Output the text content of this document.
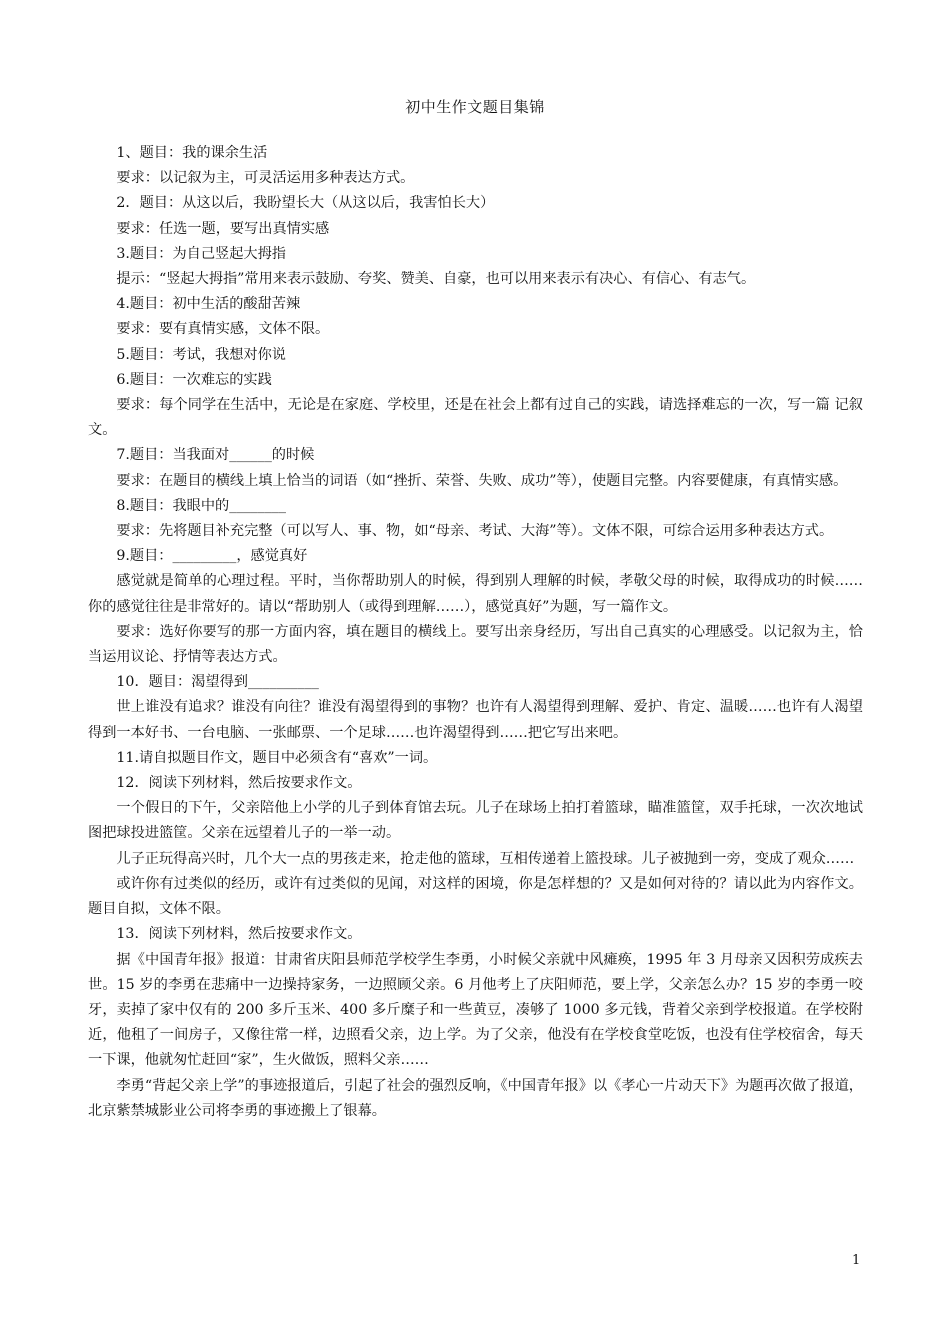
初中生作文题目集锦

1、题目：我的课余生活

要求：以记叙为主，可灵活运用多种表达方式。

2．题目：从这以后，我盼望长大（从这以后，我害怕长大）

要求：任选一题，要写出真情实感

3.题目：为自己竖起大拇指

提示：“竖起大拇指”常用来表示鼓励、夸奖、赞美、自豪，也可以用来表示有决心、有信心、有志气。

4.题目：初中生活的酸甜苦辣

要求：要有真情实感，文体不限。

5.题目：考试，我想对你说

6.题目：一次难忘的实践

要求：每个同学在生活中，无论是在家庭、学校里，还是在社会上都有过自己的实践，请选择难忘的一次，写一篇 记叙文。

7.题目：当我面对______的时候

要求：在题目的横线上填上恰当的词语（如“挫折、荣誉、失败、成功”等），使题目完整。内容要健康，有真情实感。

8.题目：我眼中的________

要求：先将题目补充完整（可以写人、事、物，如“母亲、考试、大海”等）。文体不限，可综合运用多种表达方式。

9.题目：_________，感觉真好

感觉就是简单的心理过程。平时，当你帮助别人的时候，得到别人理解的时候，孝敬父母的时候，取得成功的时候……你的感觉往往是非常好的。请以“帮助别人（或得到理解……），感觉真好”为题，写一篇作文。

要求：选好你要写的那一方面内容，填在题目的横线上。要写出亲身经历，写出自己真实的心理感受。以记叙为主，恰当运用议论、抒情等表达方式。

10．题目：渴望得到__________

世上谁没有追求？谁没有向往？谁没有渴望得到的事物？也许有人渴望得到理解、爱护、肯定、温暖……也许有人渴望得到一本好书、一台电脑、一张邮票、一个足球……也许渴望得到……把它写出来吧。

11.请自拟题目作文，题目中必须含有“喜欢”一词。

12．阅读下列材料，然后按要求作文。

一个假日的下午，父亲陪他上小学的儿子到体育馆去玩。儿子在球场上拍打着篮球，瞄准篮筐，双手托球，一次次地试图把球投进篮筐。父亲在远望着儿子的一举一动。

儿子正玩得高兴时，几个大一点的男孩走来，抢走他的篮球，互相传递着上篮投球。儿子被抛到一旁，变成了观众……

或许你有过类似的经历，或许有过类似的见闻，对这样的困境，你是怎样想的？又是如何对待的？请以此为内容作文。题目自拟，文体不限。

13．阅读下列材料，然后按要求作文。

据《中国青年报》报道：甘肃省庆阳县师范学校学生李勇，小时候父亲就中风瘫痪，1995 年 3 月母亲又因积劳成疾去世。15 岁的李勇在悲痛中一边操持家务，一边照顾父亲。6 月他考上了庆阳师范，要上学，父亲怎么办？15 岁的李勇一咬牙，卖掉了家中仅有的 200 多斤玉米、400 多斤糜子和一些黄豆，凑够了 1000 多元钱，背着父亲到学校报道。在学校附近，他租了一间房子，又像往常一样，边照看父亲，边上学。为了父亲，他没有在学校食堂吃饭，也没有住学校宿舍，每天一下课，他就匆忙赶回“家”，生火做饭，照料父亲……

李勇“背起父亲上学”的事迹报道后，引起了社会的强烈反响，《中国青年报》以《孝心一片动天下》为题再次做了报道，北京紫禁城影业公司将李勇的事迹搬上了银幕。

1
